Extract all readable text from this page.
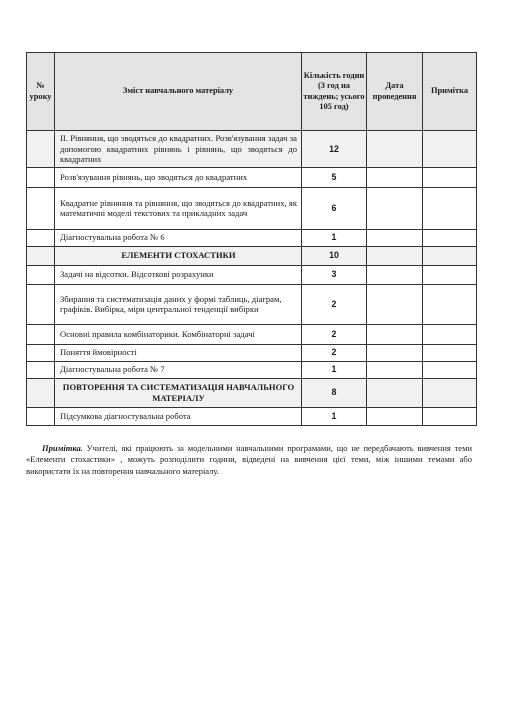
№ уроку	Зміст навчального матеріалу	Кількість годин (3 год на тиждень; усього 105 год)	Дата проведення	Примітка
	II. Рівняння, що зводяться до квадратних. Розв'язування задач за допомогою квадратних рівнянь і рівнянь, що зводяться до квадратних	12		
	Розв'язування рівнянь, що зводяться до квадратних	5		
	Квадратне рівняння та рівняння, що зводяться до квадратних, як математичні моделі текстових та прикладних задач	6		
	Діагностувальна робота № 6	1		
	ЕЛЕМЕНТИ СТОХАСТИКИ	10		
	Задачі на відсотки. Відсоткові розрахунки	3		
	Збирання та систематизація даних у формі таблиць, діаграм, графіків. Вибірка, міри центральної тенденції вибірки	2		
	Основні правила комбінаторики. Комбінаторні задачі	2		
	Поняття ймовірності	2		
	Діагностувальна робота № 7	1		
	ПОВТОРЕННЯ ТА СИСТЕМАТИЗАЦІЯ НАВЧАЛЬНОГО МАТЕРІАЛУ	8		
	Підсумкова діагностувальна робота	1		

Примітка. Учителі, які працюють за модельними навчальними програмами, що не передбачають вивчення теми «Елементи стохастики» , можуть розподілити години, відведені на вивчення цієї теми, між іншими темами або використати їх на повторення навчального матеріалу.
